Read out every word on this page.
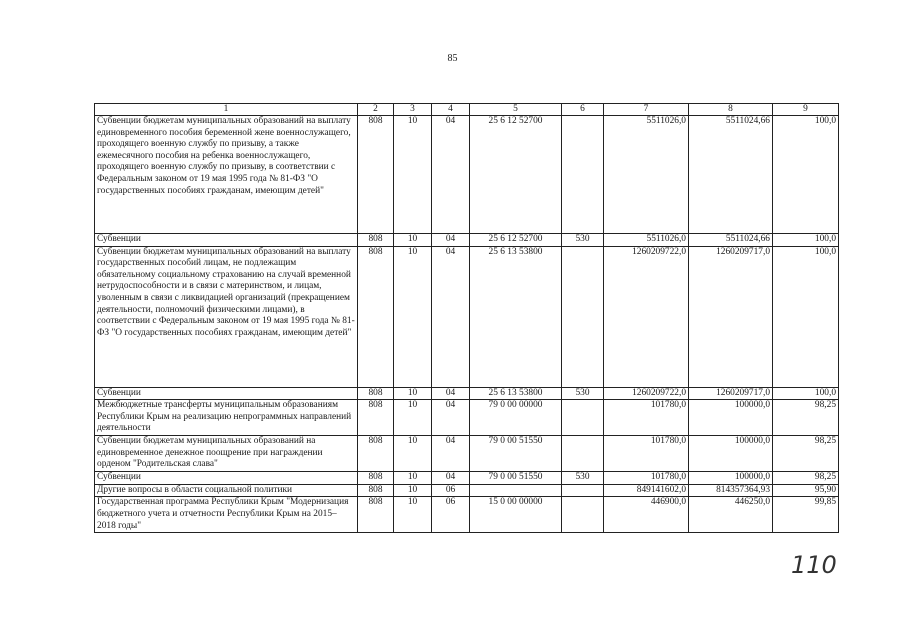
85
1	2	3	4	5	6	7	8	9
Субвенции бюджетам муниципальных образований на выплату единовременного пособия беременной жене военнослужащего, проходящего военную службу по призыву, а также ежемесячного пособия на ребенка военнослужащего, проходящего военную службу по призыву, в соответствии с Федеральным законом от 19 мая 1995 года № 81-ФЗ "О государственных пособиях гражданам, имеющим детей"	808	10	04	25 6 12 52700		5511026,0	5511024,66	100,0
Субвенции	808	10	04	25 6 12 52700	530	5511026,0	5511024,66	100,0
Субвенции бюджетам муниципальных образований на выплату государственных пособий лицам, не подлежащим обязательному социальному страхованию на случай временной нетрудоспособности и в связи с материнством, и лицам, уволенным в связи с ликвидацией организаций (прекращением деятельности, полномочий физическими лицами), в соответствии с Федеральным законом от 19 мая 1995 года № 81-ФЗ "О государственных пособиях гражданам, имеющим детей"	808	10	04	25 6 13 53800		1260209722,0	1260209717,0	100,0
Субвенции	808	10	04	25 6 13 53800	530	1260209722,0	1260209717,0	100,0
Межбюджетные трансферты муниципальным образованиям Республики Крым на реализацию непрограммных направлений деятельности	808	10	04	79 0 00 00000		101780,0	100000,0	98,25
Субвенции бюджетам муниципальных образований на единовременное денежное поощрение при награждении орденом "Родительская слава"	808	10	04	79 0 00 51550		101780,0	100000,0	98,25
Субвенции	808	10	04	79 0 00 51550	530	101780,0	100000,0	98,25
Другие вопросы в области социальной политики	808	10	06			849141602,0	814357364,93	95,90
Государственная программа Республики Крым "Модернизация бюджетного учета и отчетности Республики Крым на 2015–2018 годы"	808	10	06	15 0 00 00000		446900,0	446250,0	99,85
110
